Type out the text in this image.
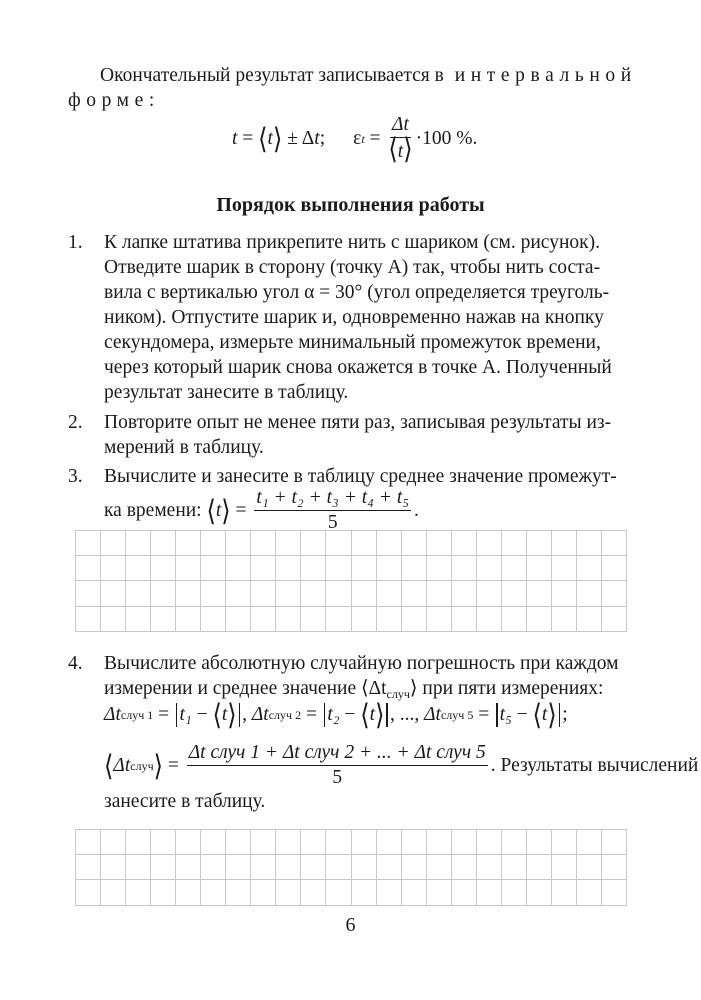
Окончательный результат записывается в интервальной
форме:
t = ⟨ t ⟩ ± Δ t ; ε $t = \frac{\Delta t}{⟨t⟩} \cdot 100$ %.
Порядок выполнения работы
1. К лапке штатива прикрепите нить с шариком (см. рисунок).
Отведите шарик в сторону (точку A) так, чтобы нить соста-
вила с вертикалью угол α = 30° (угол определяется треуголь-
ником). Отпустите шарик и, одновременно нажав на кнопку
секундомера, измерьте минимальный промежуток времени,
через который шарик снова окажется в точке A. Полученный
результат занесите в таблицу.
2. Повторите опыт не менее пяти раз, записывая результаты из-
мерений в таблицу.
3. Вычислите и занесите в таблицу среднее значение промежут-
ка времени: ⟨ t ⟩ = $\frac{\text{t₁ + t₂ + t₃ + t₄ + t₅}}{5}$ .
4. Вычислите абсолютную случайную погрешность при каждом
измерении и среднее значение $⟨\Delta t_{случ}⟩$ при пяти измерениях:
Δt случ 1 = t₁ − ⟨ t ⟩ , Δt случ 2 = t₂ − ⟨ t ⟩ , ..., Δt случ 5 = t₅ − ⟨ t ⟩ ;
⟨ Δt случ ⟩ = $\frac{\text{Δt случ 1 + Δt случ 2 + ... + Δt случ 5}}{5}$ . Результаты вычислений
занесите в таблицу.
6
